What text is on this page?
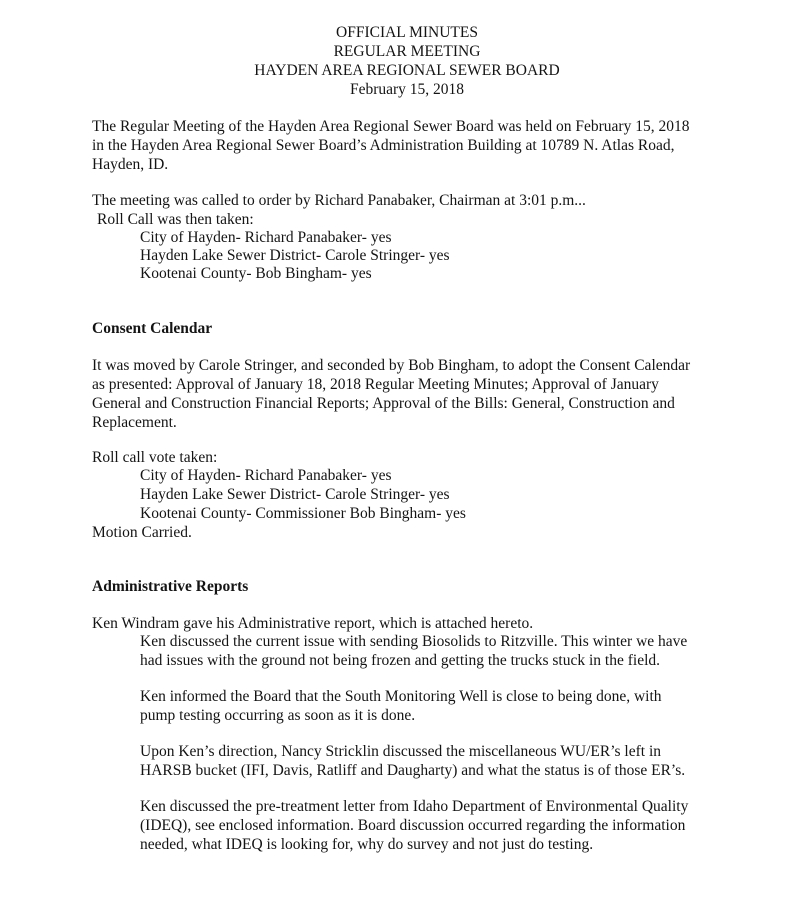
OFFICIAL MINUTES
REGULAR MEETING
HAYDEN AREA REGIONAL SEWER BOARD
February 15, 2018
The Regular Meeting of the Hayden Area Regional Sewer Board was held on February 15, 2018
in the Hayden Area Regional Sewer Board’s Administration Building at 10789 N. Atlas Road,
Hayden, ID.
The meeting was called to order by Richard Panabaker, Chairman at 3:01 p.m...
Roll Call was then taken:
City of Hayden- Richard Panabaker- yes
Hayden Lake Sewer District- Carole Stringer- yes
Kootenai County- Bob Bingham- yes
Consent Calendar
It was moved by Carole Stringer, and seconded by Bob Bingham, to adopt the Consent Calendar
as presented: Approval of January 18, 2018 Regular Meeting Minutes; Approval of January
General and Construction Financial Reports; Approval of the Bills: General, Construction and
Replacement.
Roll call vote taken:
City of Hayden- Richard Panabaker- yes
Hayden Lake Sewer District- Carole Stringer- yes
Kootenai County- Commissioner Bob Bingham- yes
Motion Carried.
Administrative Reports
Ken Windram gave his Administrative report, which is attached hereto.
Ken discussed the current issue with sending Biosolids to Ritzville. This winter we have
had issues with the ground not being frozen and getting the trucks stuck in the field.
Ken informed the Board that the South Monitoring Well is close to being done, with
pump testing occurring as soon as it is done.
Upon Ken’s direction, Nancy Stricklin discussed the miscellaneous WU/ER’s left in
HARSB bucket (IFI, Davis, Ratliff and Daugharty) and what the status is of those ER’s.
Ken discussed the pre-treatment letter from Idaho Department of Environmental Quality
(IDEQ), see enclosed information. Board discussion occurred regarding the information
needed, what IDEQ is looking for, why do survey and not just do testing.
